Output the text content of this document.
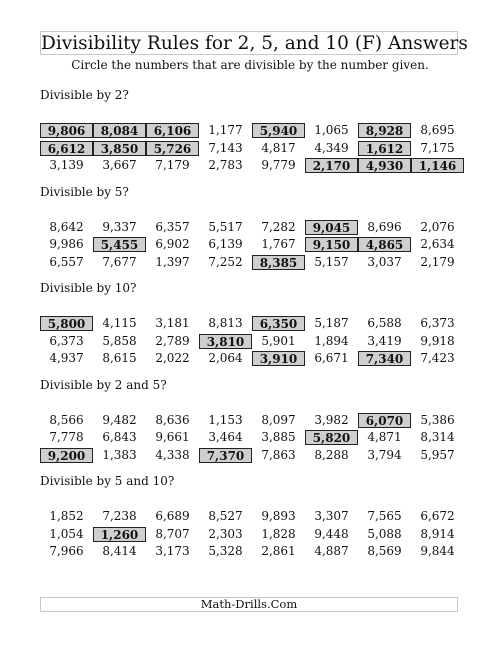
Divisibility Rules for 2, 5, and 10 (F) Answers
Circle the numbers that are divisible by the number given.
Divisible by 2?
9,806	8,084	6,106	1,177	5,940	1,065	8,928	8,695
6,612	3,850	5,726	7,143	4,817	4,349	1,612	7,175
3,139	3,667	7,179	2,783	9,779	2,170	4,930	1,146
Divisible by 5?
8,642	9,337	6,357	5,517	7,282	9,045	8,696	2,076
9,986	5,455	6,902	6,139	1,767	9,150	4,865	2,634
6,557	7,677	1,397	7,252	8,385	5,157	3,037	2,179
Divisible by 10?
5,800	4,115	3,181	8,813	6,350	5,187	6,588	6,373
6,373	5,858	2,789	3,810	5,901	1,894	3,419	9,918
4,937	8,615	2,022	2,064	3,910	6,671	7,340	7,423
Divisible by 2 and 5?
8,566	9,482	8,636	1,153	8,097	3,982	6,070	5,386
7,778	6,843	9,661	3,464	3,885	5,820	4,871	8,314
9,200	1,383	4,338	7,370	7,863	8,288	3,794	5,957
Divisible by 5 and 10?
1,852	7,238	6,689	8,527	9,893	3,307	7,565	6,672
1,054	1,260	8,707	2,303	1,828	9,448	5,088	8,914
7,966	8,414	3,173	5,328	2,861	4,887	8,569	9,844
Math-Drills.Com
